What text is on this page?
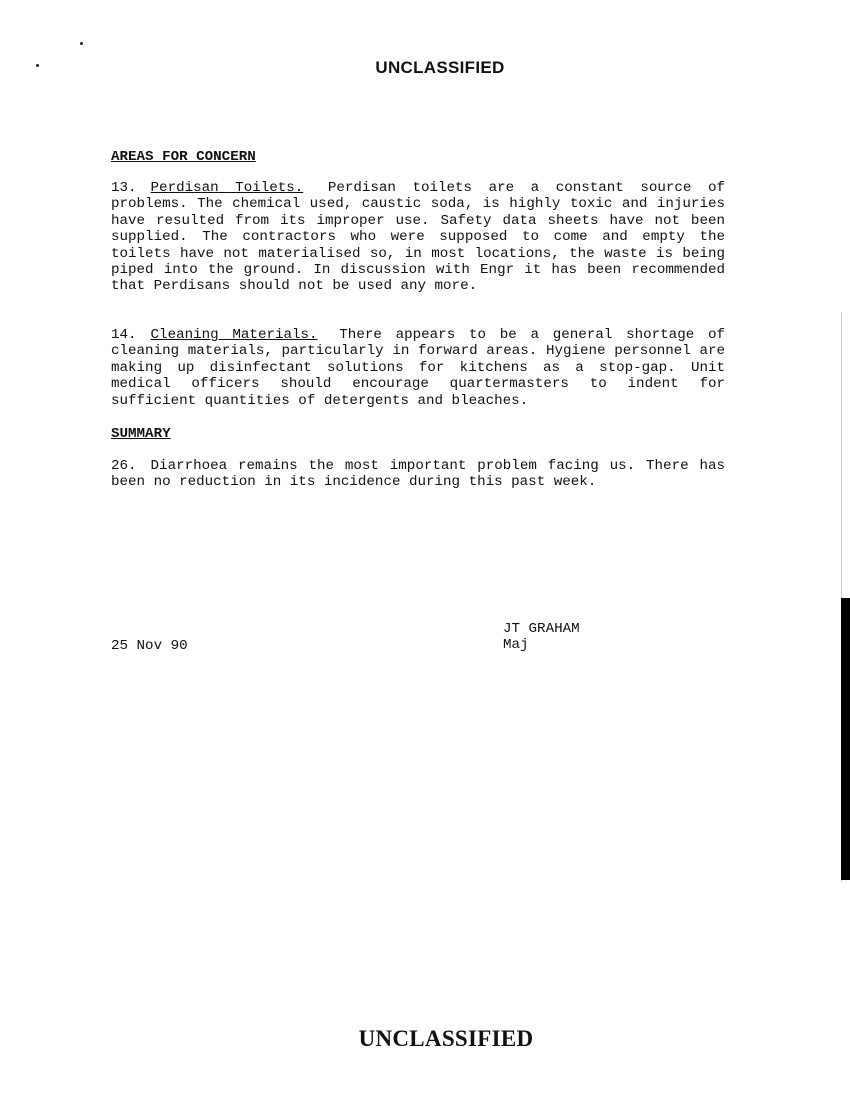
UNCLASSIFIED
AREAS FOR CONCERN

13. Perdisan Toilets. Perdisan toilets are a constant source of problems. The chemical used, caustic soda, is highly toxic and injuries have resulted from its improper use. Safety data sheets have not been supplied. The contractors who were supposed to come and empty the toilets have not materialised so, in most locations, the waste is being piped into the ground. In discussion with Engr it has been recommended that Perdisans should not be used any more.

14. Cleaning Materials. There appears to be a general shortage of cleaning materials, particularly in forward areas. Hygiene personnel are making up disinfectant solutions for kitchens as a stop-gap. Unit medical officers should encourage quartermasters to indent for sufficient quantities of detergents and bleaches.

SUMMARY

26. Diarrhoea remains the most important problem facing us. There has been no reduction in its incidence during this past week.

JT GRAHAM
Maj
25 Nov 90
UNCLASSIFIED
